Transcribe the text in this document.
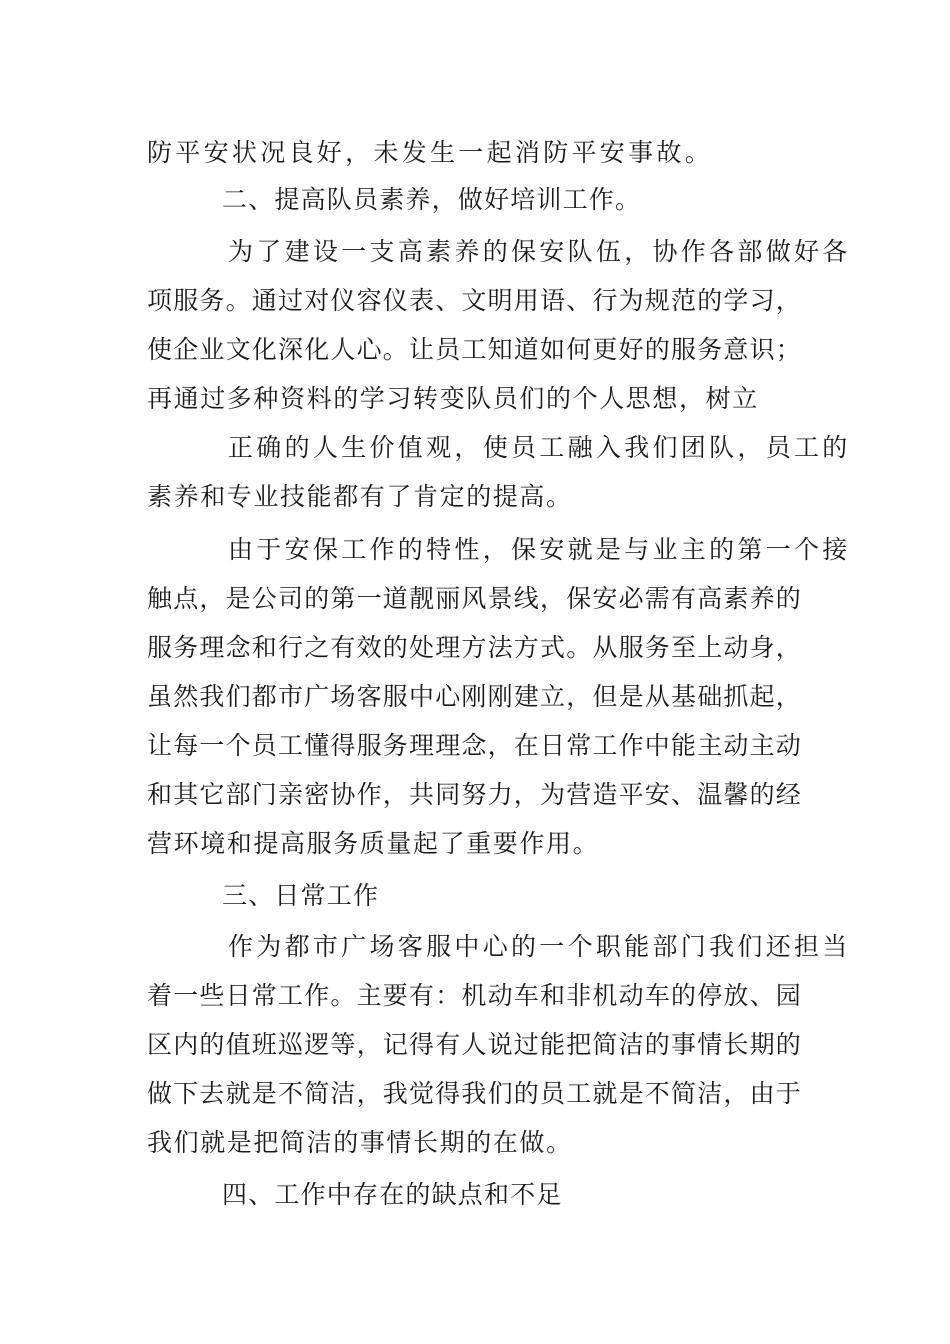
防平安状况良好，未发生一起消防平安事故。
二、提高队员素养，做好培训工作。
为了建设一支高素养的保安队伍，协作各部做好各
项服务。通过对仪容仪表、文明用语、行为规范的学习，
使企业文化深化人心。让员工知道如何更好的服务意识；
再通过多种资料的学习转变队员们的个人思想，树立
正确的人生价值观，使员工融入我们团队，员工的
素养和专业技能都有了肯定的提高。
由于安保工作的特性，保安就是与业主的第一个接
触点，是公司的第一道靓丽风景线，保安必需有高素养的
服务理念和行之有效的处理方法方式。从服务至上动身，
虽然我们都市广场客服中心刚刚建立，但是从基础抓起，
让每一个员工懂得服务理理念，在日常工作中能主动主动
和其它部门亲密协作，共同努力，为营造平安、温馨的经
营环境和提高服务质量起了重要作用。
三、日常工作
作为都市广场客服中心的一个职能部门我们还担当
着一些日常工作。主要有：机动车和非机动车的停放、园
区内的值班巡逻等，记得有人说过能把简洁的事情长期的
做下去就是不简洁，我觉得我们的员工就是不简洁，由于
我们就是把简洁的事情长期的在做。
四、工作中存在的缺点和不足
